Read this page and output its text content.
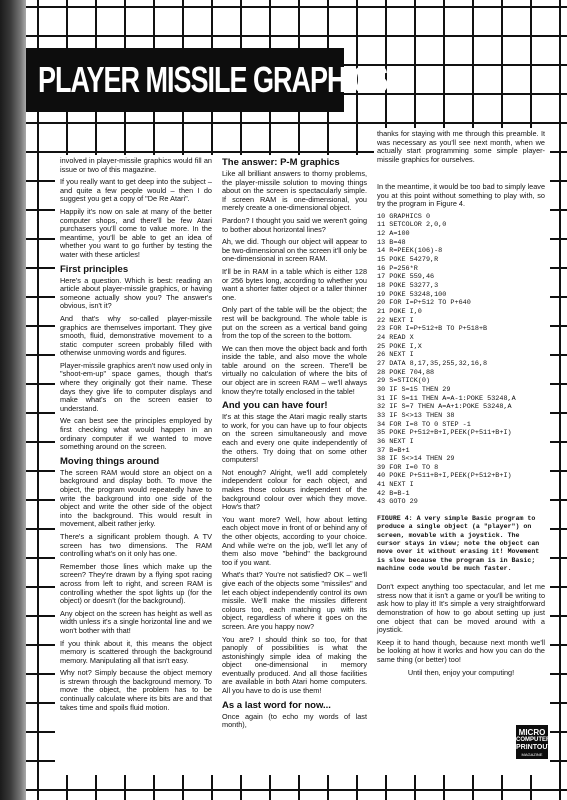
PLAYER MISSILE GRAPHICS

involved in player-missile graphics would fill an issue or two of this magazine.

If you really want to get deep into the subject – and quite a few people would – then I do suggest you get a copy of "De Re Atari".

Happily it's now on sale at many of the better computer shops, and there'll be few Atari purchasers you'll come to value more. In the meantime, you'll be able to get an idea of whether you want to go further by testing the water with these articles!

First principles

Here's a question. Which is best: reading an article about player-missile graphics, or having someone actually show you? The answer's obvious, isn't it?

And that's why so-called player-missile graphics are themselves important. They give smooth, fluid, demonstrative movement to a static computer screen probably filled with otherwise unmoving words and figures.

Player-missile graphics aren't now used only in "shoot-em-up" space games, though that's where they originally got their name. These days they give life to computer displays and make what's on the screen easier to understand.

We can best see the principles employed by first checking what would happen in an ordinary computer if we wanted to move something around on the screen.

Moving things around

The screen RAM would store an object on a background and display both. To move the object, the program would repeatedly have to write the background into one side of the object and write the other side of the object into the background. This would result in movement, albeit rather jerky.

There's a significant problem though. A TV screen has two dimensions. The RAM controlling what's on it only has one.

Remember those lines which make up the screen? They're drawn by a flying spot racing across from left to right, and screen RAM is controlling whether the spot lights up (for the object) or doesn't (for the background).

Any object on the screen has height as well as width unless it's a single horizontal line and we won't bother with that!

If you think about it, this means the object memory is scattered through the background memory. Manipulating all that isn't easy.

Why not? Simply because the object memory is strewn through the background memory. To move the object, the problem has to be continually calculate where its bits are and that takes time and spoils fluid motion.

The answer: P-M graphics

Like all brilliant answers to thorny problems, the player-missile solution to moving things about on the screen is spectacularly simple. If screen RAM is one-dimensional, you merely create a one-dimensional object.

Pardon? I thought you said we weren't going to bother about horizontal lines?

Ah, we did. Though our object will appear to be two-dimensional on the screen it'll only be one-dimensional in screen RAM.

It'll be in RAM in a table which is either 128 or 256 bytes long, according to whether you want a shorter fatter object or a taller thinner one.

Only part of the table will be the object; the rest will be background. The whole table is put on the screen as a vertical band going from the top of the screen to the bottom.

We can then move the object back and forth inside the table, and also move the whole table around on the screen. There'll be virtually no calculation of where the bits of our object are in screen RAM – we'll always know they're totally enclosed in the table!

And you can have four!

It's at this stage the Atari magic really starts to work, for you can have up to four objects on the screen simultaneously and move each and every one quite independently of the others. Try doing that on some other computers!

Not enough? Alright, we'll add completely independent colour for each object, and makes those colours independent of the background colour over which they move. How's that?

You want more? Well, how about letting each object move in front of or behind any of the other objects, according to your choice. And while we're on the job, we'll let any of them also move "behind" the background too if you want.

What's that? You're not satisfied? OK – we'll give each of the objects some "missiles" and let each object independently control its own missile. We'll make the missiles different colours too, each matching up with its object, regardless of where it goes on the screen. Are you happy now?

You are? I should think so too, for that panoply of possibilities is what the astonishingly simple idea of making the object one-dimensional in memory eventually produced. And all those facilities are available in both Atari home computers. All you have to do is use them!

As a last word for now...

Once again (to echo my words of last month),

thanks for staying with me through this preamble. It was necessary as you'll see next month, when we actually start programming some simple player-missile graphics for ourselves.

In the meantime, it would be too bad to simply leave you at this point without something to play with, so try the program in Figure 4.

10 GRAPHICS 0
11 SETCOLOR 2,0,0
12 A=100
13 B=48
14 R=PEEK(106)-8
15 POKE 54279,R
16 P=256*R
17 POKE 559,46
18 POKE 53277,3
19 POKE 53248,100
20 FOR I=P+512 TO P+640
21 POKE I,0
22 NEXT I
23 FOR I=P+512+B TO P+518+B
24 READ X
25 POKE I,X
26 NEXT I
27 DATA 8,17,35,255,32,16,8
28 POKE 704,88
29 S=STICK(0)
30 IF S=15 THEN 29
31 IF S=11 THEN A=A-1:POKE 53248,A
32 IF S=7 THEN A=A+1:POKE 53248,A
33 IF S<>13 THEN 38
34 FOR I=8 TO 0 STEP -1
35 POKE P+512+B+I,PEEK(P+511+B+I)
36 NEXT I
37 B=B+1
38 IF S<>14 THEN 29
39 FOR I=0 TO 8
40 POKE P+511+B+I,PEEK(P+512+B+I)
41 NEXT I
42 B=B-1
43 GOTO 29
FIGURE 4: A very simple Basic program to produce a single object (a "player") on screen, movable with a joystick. The cursor stays in view; note the object can move over it without erasing it! Movement is slow because the program is in Basic; machine code would be much faster.

Don't expect anything too spectacular, and let me stress now that it isn't a game or you'll be writing to ask how to play it! It's simple a very straightforward demonstration of how to go about setting up just one object that can be moved around with a joystick.

Keep it to hand though, because next month we'll be looking at how it works and how you can do the same thing (or better) too!

Until then, enjoy your computing!

MICRO
COMPUTER
PRINTOUT
MAGAZINE
